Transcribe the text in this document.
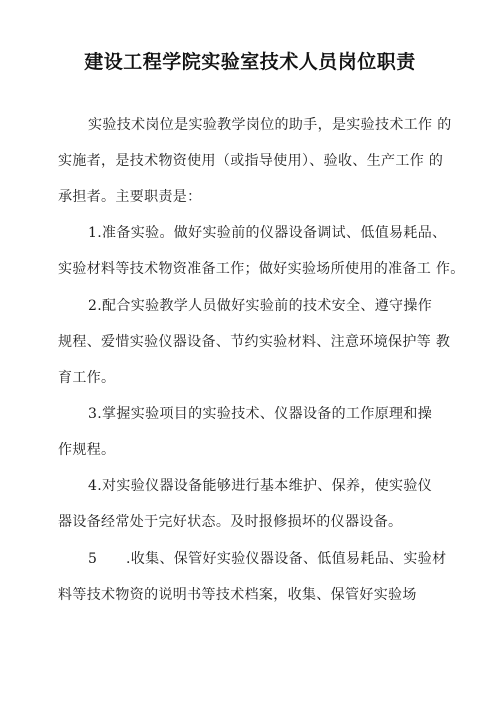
建设工程学院实验室技术人员岗位职责
实验技术岗位是实验教学岗位的助手，是实验技术工作 的
实施者，是技术物资使用（或指导使用）、验收、生产工作 的
承担者。主要职责是：
1.准备实验。做好实验前的仪器设备调试、低值易耗品、
实验材料等技术物资准备工作；做好实验场所使用的准备工 作。
2.配合实验教学人员做好实验前的技术安全、遵守操作
规程、爱惜实验仪器设备、节约实验材料、注意环境保护等 教
育工作。
3.掌握实验项目的实验技术、仪器设备的工作原理和操
作规程。
4.对实验仪器设备能够进行基本维护、保养，使实验仪
器设备经常处于完好状态。及时报修损坏的仪器设备。
5　　.收集、保管好实验仪器设备、低值易耗品、实验材
料等技术物资的说明书等技术档案，收集、保管好实验场
